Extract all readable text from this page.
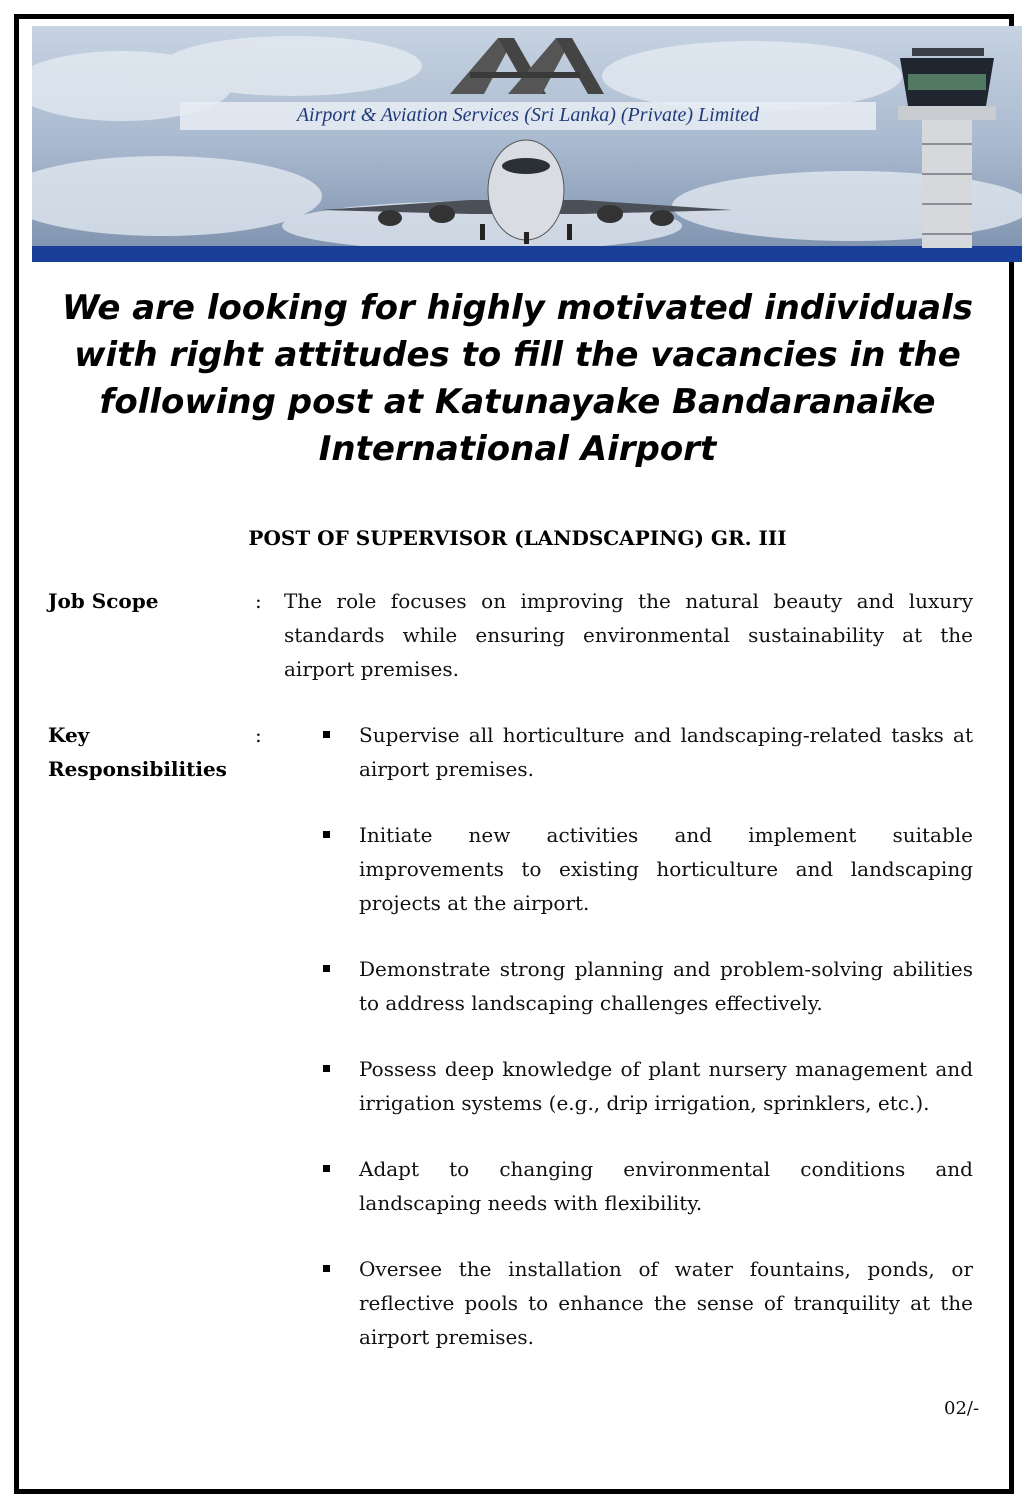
Airport & Aviation Services (Sri Lanka) (Private) Limited

We are looking for highly motivated individuals with right attitudes to fill the vacancies in the following post at Katunayake Bandaranaike International Airport

POST OF SUPERVISOR (LANDSCAPING) GR. III
Job Scope	: The role focuses on improving the natural beauty and luxury standards while ensuring environmental sustainability at the airport premises.

Key
Responsibilities
:	Supervise all horticulture and landscaping-related tasks at airport premises.
Initiate new activities and implement suitable improvements to existing horticulture and landscaping projects at the airport.
Demonstrate strong planning and problem-solving abilities to address landscaping challenges effectively.
Possess deep knowledge of plant nursery management and irrigation systems (e.g., drip irrigation, sprinklers, etc.).
Adapt to changing environmental conditions and landscaping needs with flexibility.
Oversee the installation of water fountains, ponds, or reflective pools to enhance the sense of tranquility at the airport premises.
02/-
